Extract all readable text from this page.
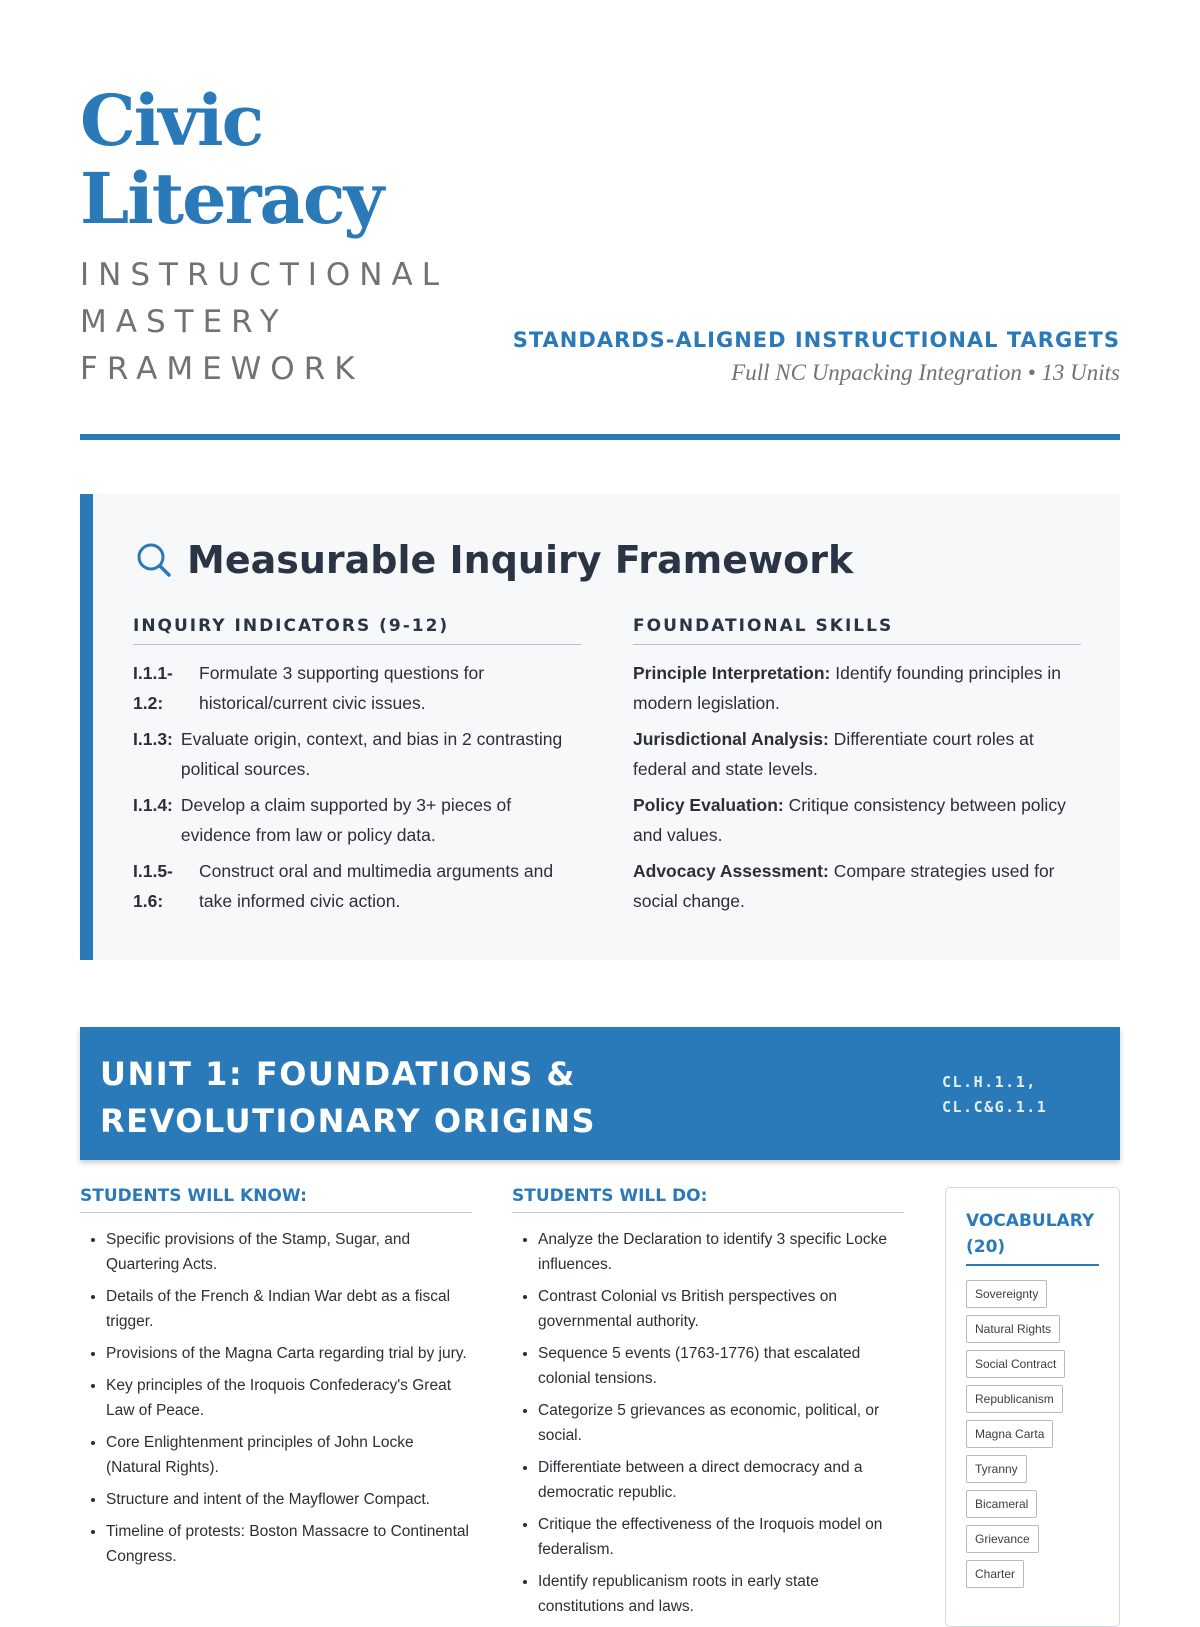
Civic
Literacy

INSTRUCTIONAL
MASTERY
FRAMEWORK

STANDARDS-ALIGNED INSTRUCTIONAL TARGETS
Full NC Unpacking Integration • 13 Units
Measurable Inquiry Framework
INQUIRY INDICATORS (9-12)
I.1.1-
1.2:
Formulate 3 supporting questions for historical/current civic issues.
I.1.3: Evaluate origin, context, and bias in 2 contrasting political sources.
I.1.4: Develop a claim supported by 3+ pieces of evidence from law or policy data.
I.1.5-
1.6:
Construct oral and multimedia arguments and take informed civic action.
FOUNDATIONAL SKILLS
Principle Interpretation: Identify founding principles in modern legislation.
Jurisdictional Analysis: Differentiate court roles at federal and state levels.
Policy Evaluation: Critique consistency between policy and values.
Advocacy Assessment: Compare strategies used for social change.
UNIT 1: FOUNDATIONS & REVOLUTIONARY ORIGINS
CL.H.1.1,
CL.C&G.1.1
STUDENTS WILL KNOW:
• Specific provisions of the Stamp, Sugar, and Quartering Acts.
• Details of the French & Indian War debt as a fiscal trigger.
• Provisions of the Magna Carta regarding trial by jury.
• Key principles of the Iroquois Confederacy's Great Law of Peace.
• Core Enlightenment principles of John Locke (Natural Rights).
• Structure and intent of the Mayflower Compact.
• Timeline of protests: Boston Massacre to Continental Congress.
STUDENTS WILL DO:
• Analyze the Declaration to identify 3 specific Locke influences.
• Contrast Colonial vs British perspectives on governmental authority.
• Sequence 5 events (1763-1776) that escalated colonial tensions.
• Categorize 5 grievances as economic, political, or social.
• Differentiate between a direct democracy and a democratic republic.
• Critique the effectiveness of the Iroquois model on federalism.
• Identify republicanism roots in early state constitutions and laws.
VOCABULARY (20)
Sovereignty
Natural Rights
Social Contract
Republicanism
Magna Carta
Tyranny
Bicameral
Grievance
Charter
